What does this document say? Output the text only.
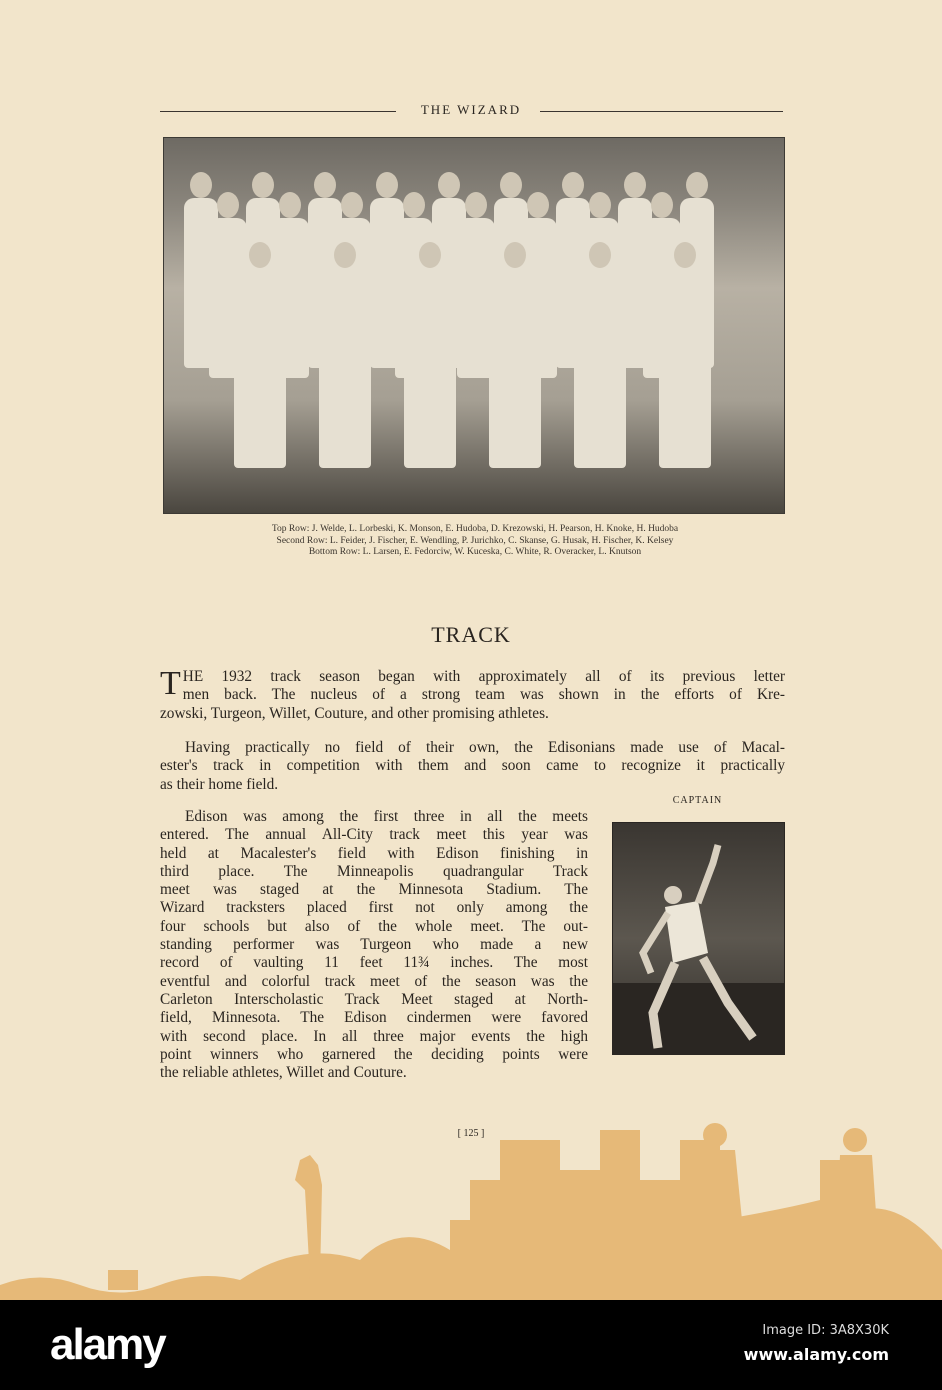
THE WIZARD
Top Row: J. Welde, L. Lorbeski, K. Monson, E. Hudoba, D. Krezowski, H. Pearson, H. Knoke, H. Hudoba
Second Row: L. Feider, J. Fischer, E. Wendling, P. Jurichko, C. Skanse, G. Husak, H. Fischer, K. Kelsey
Bottom Row: L. Larsen, E. Fedorciw, W. Kuceska, C. White, R. Overacker, L. Knutson
TRACK
T HE 1932 track season began with approximately all of its previous letter
men back. The nucleus of a strong team was shown in the efforts of Kre-
zowski, Turgeon, Willet, Couture, and other promising athletes.
Having practically no field of their own, the Edisonians made use of Macal-
ester's track in competition with them and soon came to recognize it practically
as their home field.
Edison was among the first three in all the meets
entered. The annual All-City track meet this year was
held at Macalester's field with Edison finishing in
third place. The Minneapolis quadrangular Track
meet was staged at the Minnesota Stadium. The
Wizard tracksters placed first not only among the
four schools but also of the whole meet. The out-
standing performer was Turgeon who made a new
record of vaulting 11 feet 11¾ inches. The most
eventful and colorful track meet of the season was the
Carleton Interscholastic Track Meet staged at North-
field, Minnesota. The Edison cindermen were favored
with second place. In all three major events the high
point winners who garnered the deciding points were
the reliable athletes, Willet and Couture.
CAPTAIN
[ 125 ]
alamy	Image ID: 3A8X30K
www.alamy.com
